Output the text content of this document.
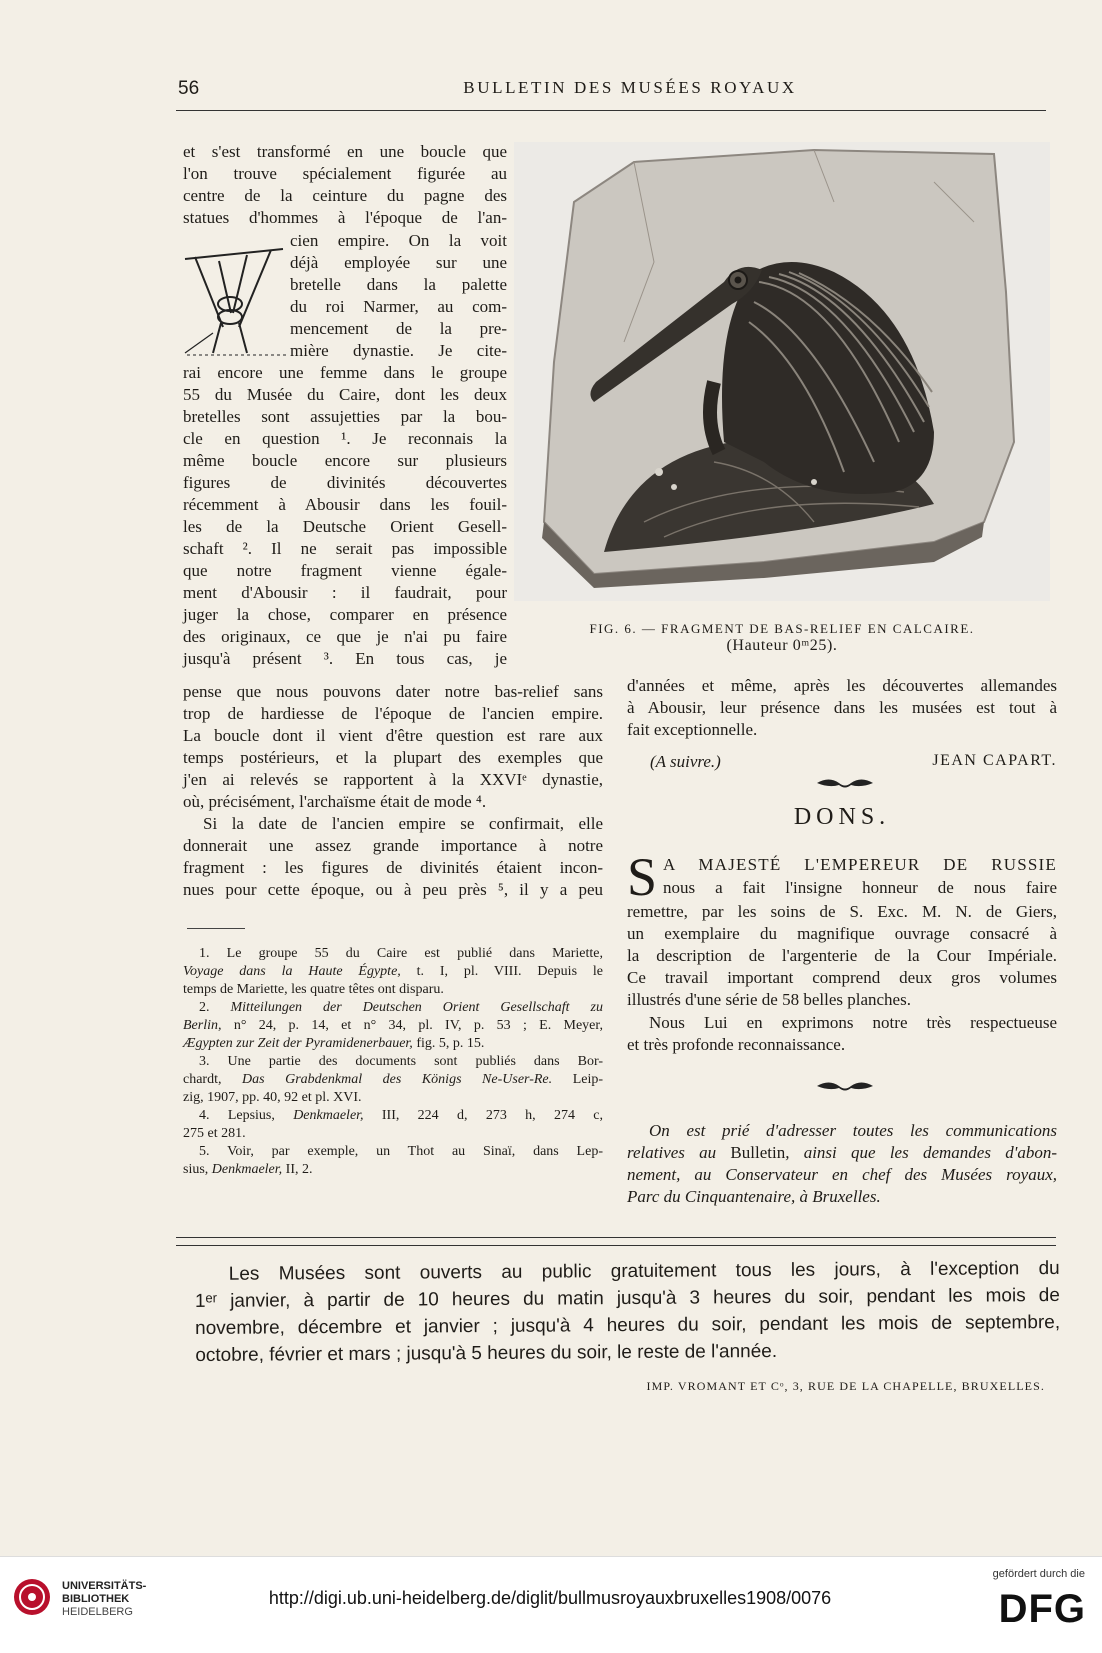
56	BULLETIN DES MUSÉES ROYAUX
et s'est transformé en une boucle que
l'on trouve spécialement figurée au
centre de la ceinture du pagne des
statues d'hommes à l'époque de l'an-
cien empire. On la voit
déjà employée sur une
bretelle dans la palette
du roi Narmer, au com-
mencement de la pre-
mière dynastie. Je cite-
rai encore une femme dans le groupe
55 du Musée du Caire, dont les deux
bretelles sont assujetties par la bou-
cle en question ¹. Je reconnais la
même boucle encore sur plusieurs
figures de divinités découvertes
récemment à Abousir dans les fouil-
les de la Deutsche Orient Gesell-
schaft ². Il ne serait pas impossible
que notre fragment vienne égale-
ment d'Abousir : il faudrait, pour
juger la chose, comparer en présence
des originaux, ce que je n'ai pu faire
jusqu'à présent ³. En tous cas, je
pense que nous pouvons dater notre bas-relief sans
trop de hardiesse de l'époque de l'ancien empire.
La boucle dont il vient d'être question est rare aux
temps postérieurs, et la plupart des exemples que
j'en ai relevés se rapportent à la XXVIᵉ dynastie,
où, précisément, l'archaïsme était de mode ⁴.
Si la date de l'ancien empire se confirmait, elle
donnerait une assez grande importance à notre
fragment : les figures de divinités étaient incon-
nues pour cette époque, ou à peu près ⁵, il y a peu
FIG. 6. — FRAGMENT DE BAS-RELIEF EN CALCAIRE.
(Hauteur 0ᵐ25).
1. Le groupe 55 du Caire est publié dans Mariette,
Voyage dans la Haute Égypte, t. I, pl. VIII. Depuis le
temps de Mariette, les quatre têtes ont disparu.
2. Mitteilungen der Deutschen Orient Gesellschaft zu
Berlin, n° 24, p. 14, et n° 34, pl. IV, p. 53 ; E. Meyer,
Ægypten zur Zeit der Pyramidenerbauer, fig. 5, p. 15.
3. Une partie des documents sont publiés dans Bor-
chardt, Das Grabdenkmal des Königs Ne-User-Re. Leip-
zig, 1907, pp. 40, 92 et pl. XVI.
4. Lepsius, Denkmaeler, III, 224 d, 273 h, 274 c,
275 et 281.
5. Voir, par exemple, un Thot au Sinaï, dans Lep-
sius, Denkmaeler, II, 2.
d'années et même, après les découvertes allemandes
à Abousir, leur présence dans les musées est tout à
fait exceptionnelle.
(A suivre.)	JEAN CAPART.
DONS.
S A MAJESTÉ L'EMPEREUR DE RUSSIE
nous a fait l'insigne honneur de nous faire
remettre, par les soins de S. Exc. M. N. de Giers,
un exemplaire du magnifique ouvrage consacré à
la description de l'argenterie de la Cour Impériale.
Ce travail important comprend deux gros volumes
illustrés d'une série de 58 belles planches.
Nous Lui en exprimons notre très respectueuse
et très profonde reconnaissance.
On est prié d'adresser toutes les communications
relatives au Bulletin, ainsi que les demandes d'abon-
nement, au Conservateur en chef des Musées royaux,
Parc du Cinquantenaire, à Bruxelles.
Les Musées sont ouverts au public gratuitement tous les jours, à l'exception du
1ᵉʳ janvier, à partir de 10 heures du matin jusqu'à 3 heures du soir, pendant les mois de
novembre, décembre et janvier ; jusqu'à 4 heures du soir, pendant les mois de septembre,
octobre, février et mars ; jusqu'à 5 heures du soir, le reste de l'année.
IMP. VROMANT ET Cᵒ, 3, RUE DE LA CHAPELLE, BRUXELLES.
UNIVERSITÄTS-
BIBLIOTHEK
HEIDELBERG
http://digi.ub.uni-heidelberg.de/diglit/bullmusroyauxbruxelles1908/0076
gefördert durch die
DFG
